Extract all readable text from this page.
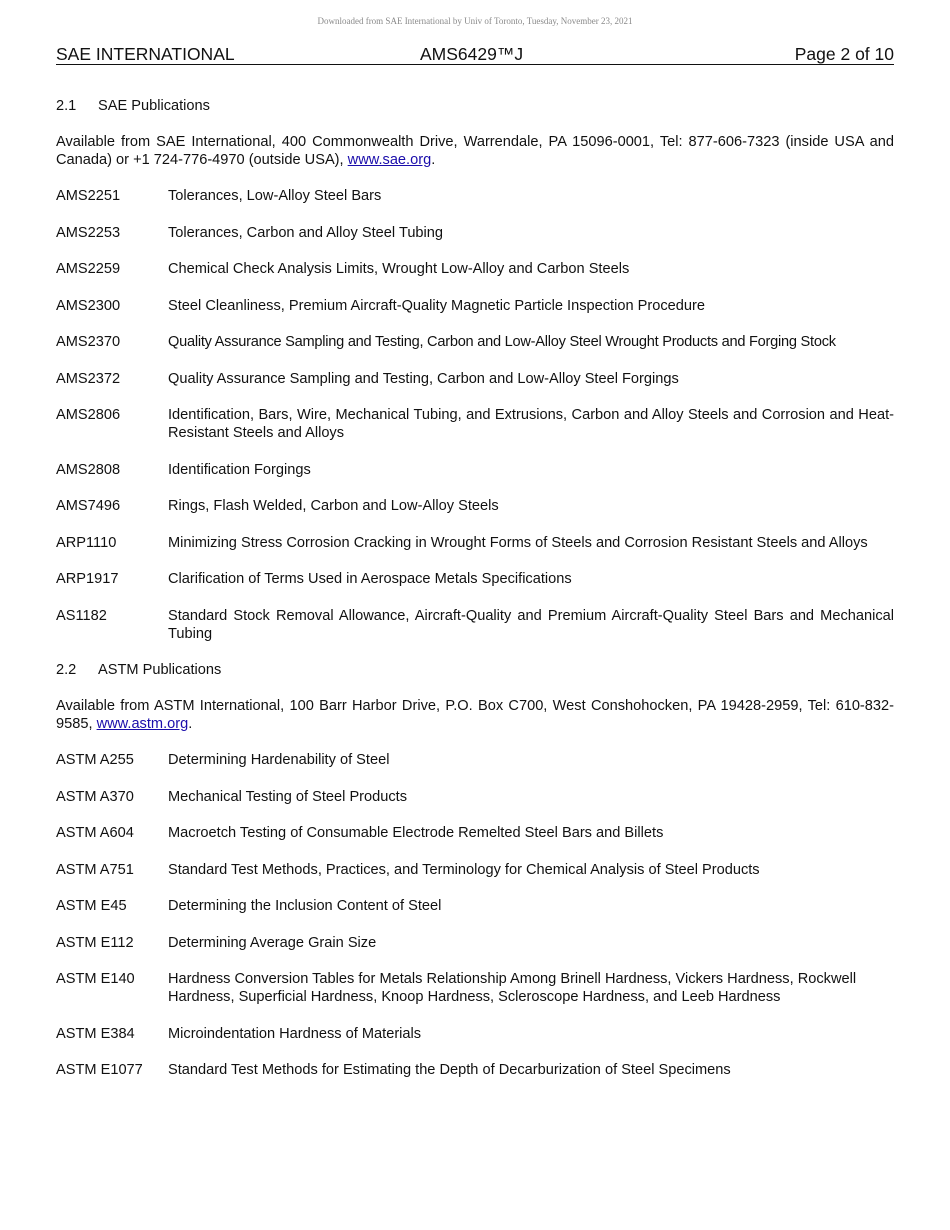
Downloaded from SAE International by Univ of Toronto, Tuesday, November 23, 2021
SAE INTERNATIONAL	AMS6429™J	Page 2 of 10
2.1 SAE Publications
Available from SAE International, 400 Commonwealth Drive, Warrendale, PA 15096-0001, Tel: 877-606-7323 (inside USA and Canada) or +1 724-776-4970 (outside USA), www.sae.org.
AMS2251	Tolerances, Low-Alloy Steel Bars
AMS2253	Tolerances, Carbon and Alloy Steel Tubing
AMS2259	Chemical Check Analysis Limits, Wrought Low-Alloy and Carbon Steels
AMS2300	Steel Cleanliness, Premium Aircraft-Quality Magnetic Particle Inspection Procedure
AMS2370	Quality Assurance Sampling and Testing, Carbon and Low-Alloy Steel Wrought Products and Forging Stock
AMS2372	Quality Assurance Sampling and Testing, Carbon and Low-Alloy Steel Forgings
AMS2806	Identification, Bars, Wire, Mechanical Tubing, and Extrusions, Carbon and Alloy Steels and Corrosion and Heat-Resistant Steels and Alloys
AMS2808	Identification Forgings
AMS7496	Rings, Flash Welded, Carbon and Low-Alloy Steels
ARP1110	Minimizing Stress Corrosion Cracking in Wrought Forms of Steels and Corrosion Resistant Steels and Alloys
ARP1917	Clarification of Terms Used in Aerospace Metals Specifications
AS1182	Standard Stock Removal Allowance, Aircraft-Quality and Premium Aircraft-Quality Steel Bars and Mechanical Tubing
2.2 ASTM Publications
Available from ASTM International, 100 Barr Harbor Drive, P.O. Box C700, West Conshohocken, PA 19428-2959, Tel: 610-832-9585, www.astm.org.
ASTM A255	Determining Hardenability of Steel
ASTM A370	Mechanical Testing of Steel Products
ASTM A604	Macroetch Testing of Consumable Electrode Remelted Steel Bars and Billets
ASTM A751	Standard Test Methods, Practices, and Terminology for Chemical Analysis of Steel Products
ASTM E45	Determining the Inclusion Content of Steel
ASTM E112	Determining Average Grain Size
ASTM E140	Hardness Conversion Tables for Metals Relationship Among Brinell Hardness, Vickers Hardness, Rockwell Hardness, Superficial Hardness, Knoop Hardness, Scleroscope Hardness, and Leeb Hardness
ASTM E384	Microindentation Hardness of Materials
ASTM E1077	Standard Test Methods for Estimating the Depth of Decarburization of Steel Specimens
